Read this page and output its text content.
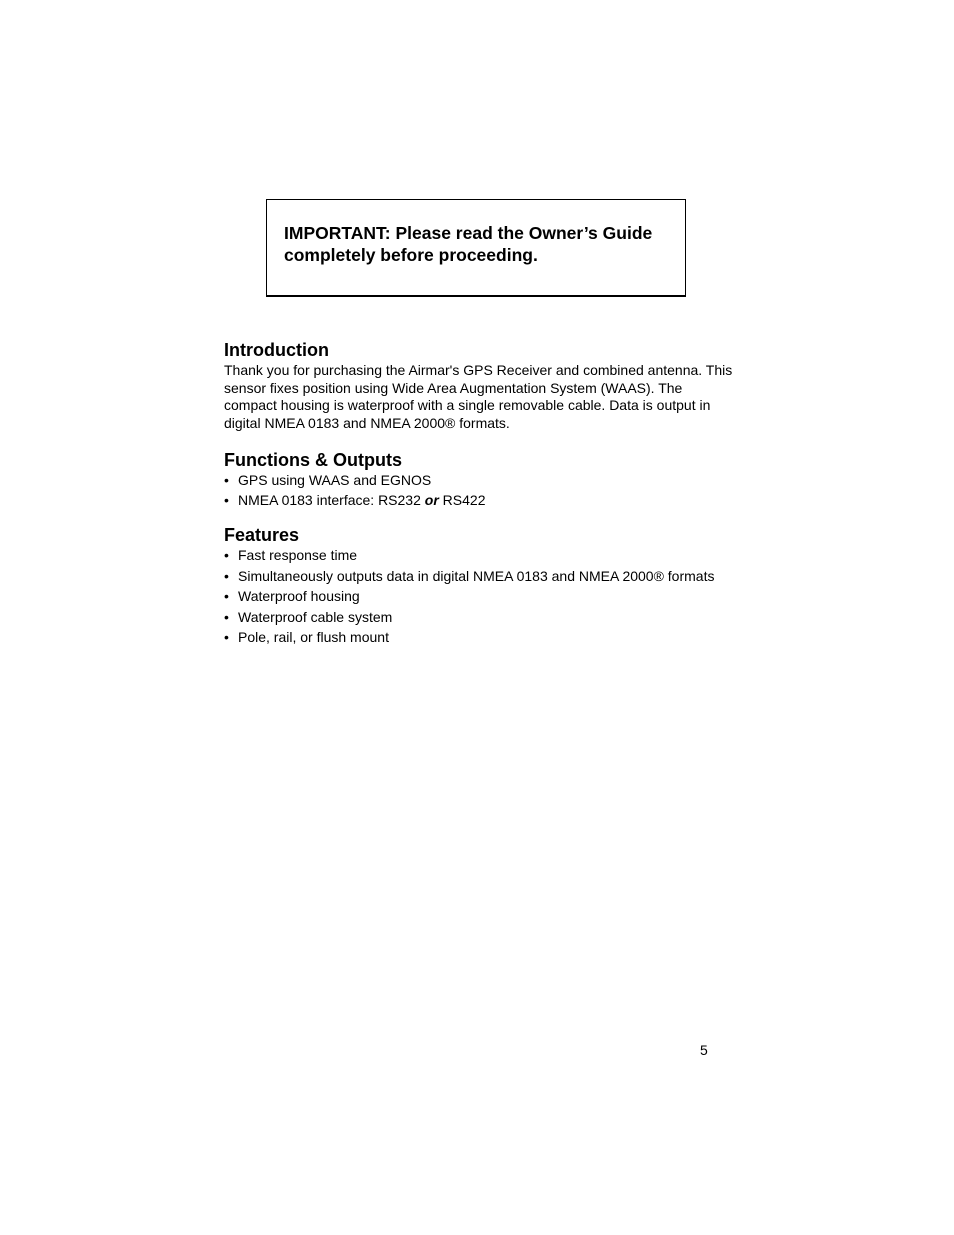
IMPORTANT: Please read the Owner’s Guide completely before proceeding.

Introduction

Thank you for purchasing the Airmar's GPS Receiver and combined antenna. This sensor fixes position using Wide Area Augmentation System (WAAS). The compact housing is waterproof with a single removable cable. Data is output in digital NMEA 0183 and NMEA 2000® formats.

Functions & Outputs
• GPS using WAAS and EGNOS
• NMEA 0183 interface: RS232 or RS422
Features
• Fast response time
• Simultaneously outputs data in digital NMEA 0183 and NMEA 2000® formats
• Waterproof housing
• Waterproof cable system
• Pole, rail, or flush mount
5
